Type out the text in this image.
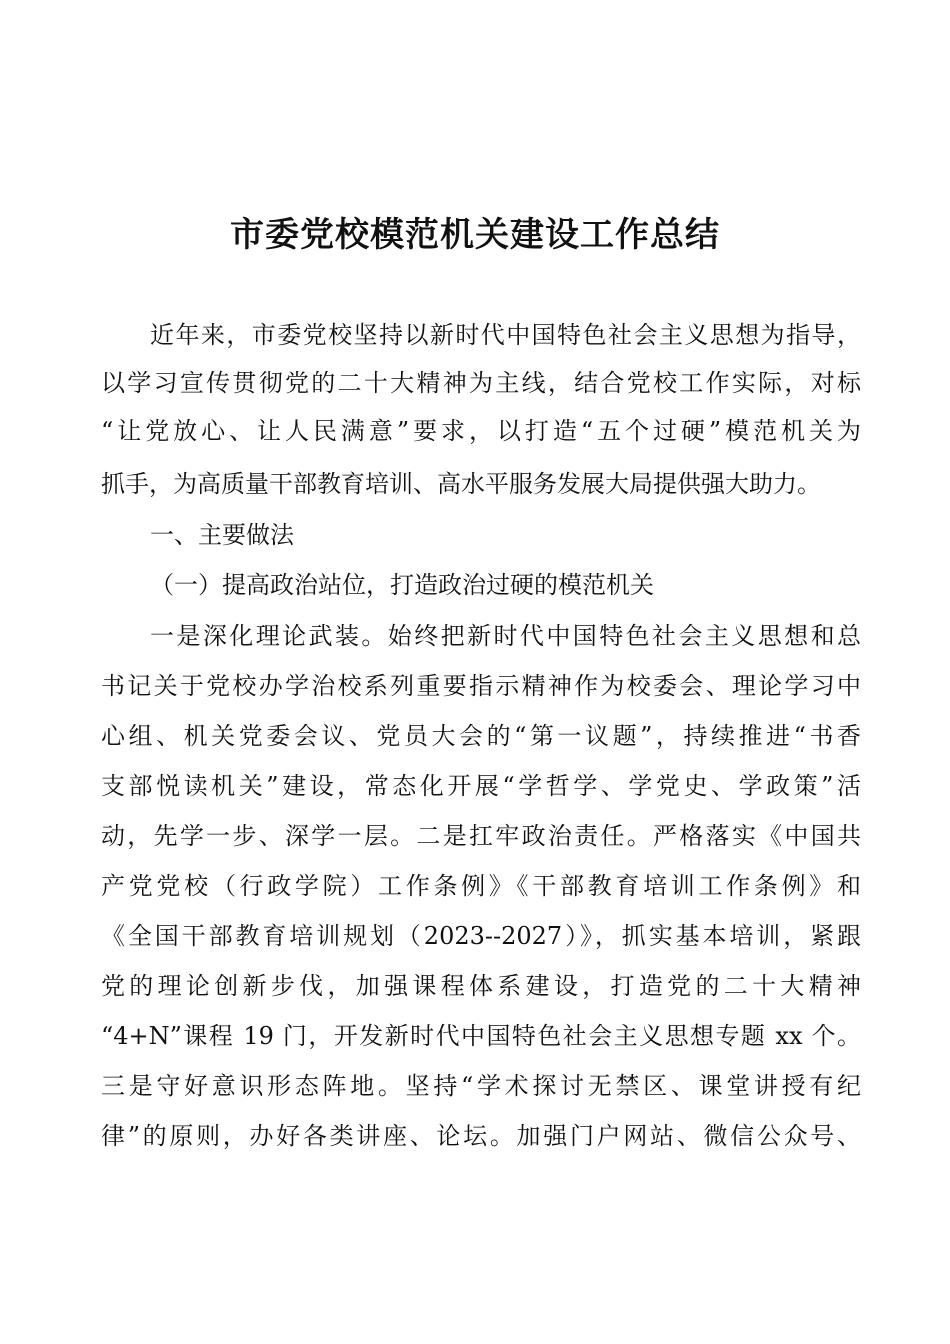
市委党校模范机关建设工作总结
近年来，市委党校坚持以新时代中国特色社会主义思想为指导，
以学习宣传贯彻党的二十大精神为主线，结合党校工作实际，对标
“让党放心、让人民满意”要求，以打造“五个过硬”模范机关为
抓手，为高质量干部教育培训、高水平服务发展大局提供强大助力。
一、主要做法
（一）提高政治站位，打造政治过硬的模范机关
一是深化理论武装。始终把新时代中国特色社会主义思想和总
书记关于党校办学治校系列重要指示精神作为校委会、理论学习中
心组、机关党委会议、党员大会的“第一议题”，持续推进“书香
支部悦读机关”建设，常态化开展“学哲学、学党史、学政策”活
动，先学一步、深学一层。二是扛牢政治责任。严格落实《中国共
产党党校（行政学院）工作条例》《干部教育培训工作条例》和
《全国干部教育培训规划（2023--2027）》，抓实基本培训，紧跟
党的理论创新步伐，加强课程体系建设，打造党的二十大精神
“4+N”课程 19 门，开发新时代中国特色社会主义思想专题 xx 个。
三是守好意识形态阵地。坚持“学术探讨无禁区、课堂讲授有纪
律”的原则，办好各类讲座、论坛。加强门户网站、微信公众号、
